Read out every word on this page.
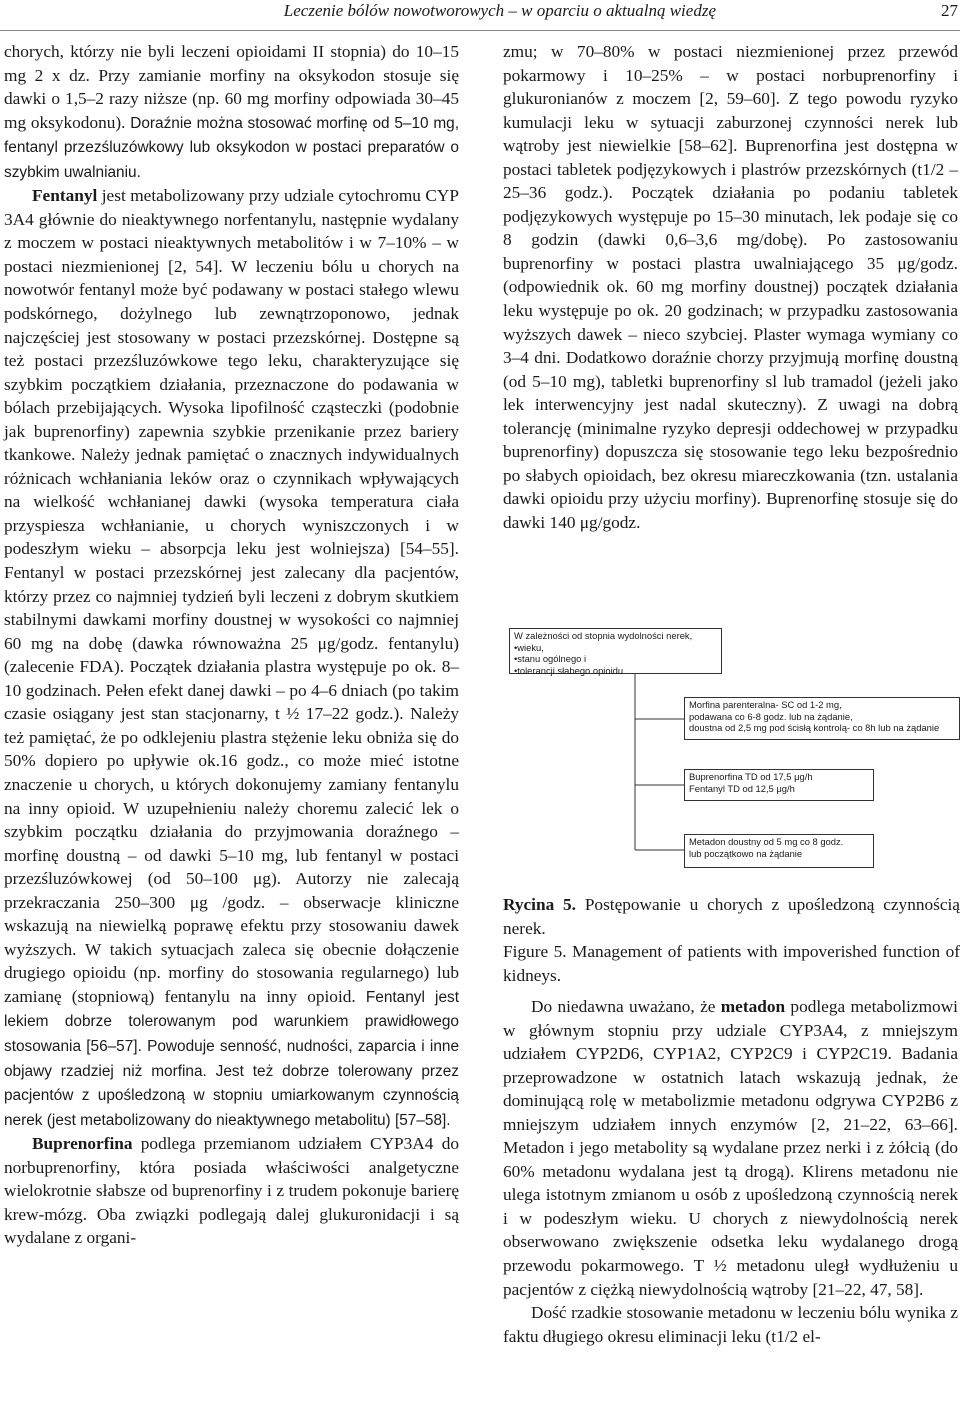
Leczenie bólów nowotworowych – w oparciu o aktualną wiedzę	27

chorych, którzy nie byli leczeni opioidami II stopnia) do 10–15 mg 2 x dz. Przy zamianie morfiny na oksykodon stosuje się dawki o 1,5–2 razy niższe (np. 60 mg morfiny odpowiada 30–45 mg oksykodonu). Doraźnie można stosować morfinę od 5–10 mg, fentanyl przezśluzówkowy lub oksykodon w postaci preparatów o szybkim uwalnianiu.

Fentanyl jest metabolizowany przy udziale cytochromu CYP 3A4 głównie do nieaktywnego norfentanylu, następnie wydalany z moczem w postaci nieaktywnych metabolitów i w 7–10% – w postaci niezmienionej [2, 54]. W leczeniu bólu u chorych na nowotwór fentanyl może być podawany w postaci stałego wlewu podskórnego, dożylnego lub zewnątrzoponowo, jednak najczęściej jest stosowany w postaci przezskórnej. Dostępne są też postaci przezśluzówkowe tego leku, charakteryzujące się szybkim początkiem działania, przeznaczone do podawania w bólach przebijających. Wysoka lipofilność cząsteczki (podobnie jak buprenorfiny) zapewnia szybkie przenikanie przez bariery tkankowe. Należy jednak pamiętać o znacznych indywidualnych różnicach wchłaniania leków oraz o czynnikach wpływających na wielkość wchłanianej dawki (wysoka temperatura ciała przyspiesza wchłanianie, u chorych wyniszczonych i w podeszłym wieku – absorpcja leku jest wolniejsza) [54–55]. Fentanyl w postaci przezskórnej jest zalecany dla pacjentów, którzy przez co najmniej tydzień byli leczeni z dobrym skutkiem stabilnymi dawkami morfiny doustnej w wysokości co najmniej 60 mg na dobę (dawka równoważna 25 μg/godz. fentanylu) (zalecenie FDA). Początek działania plastra występuje po ok. 8–10 godzinach. Pełen efekt danej dawki – po 4–6 dniach (po takim czasie osiągany jest stan stacjonarny, t ½ 17–22 godz.). Należy też pamiętać, że po odklejeniu plastra stężenie leku obniża się do 50% dopiero po upływie ok.16 godz., co może mieć istotne znaczenie u chorych, u których dokonujemy zamiany fentanylu na inny opioid. W uzupełnieniu należy choremu zalecić lek o szybkim początku działania do przyjmowania doraźnego – morfinę doustną – od dawki 5–10 mg, lub fentanyl w postaci przezśluzówkowej (od 50–100 μg). Autorzy nie zalecają przekraczania 250–300 μg /godz. – obserwacje kliniczne wskazują na niewielką poprawę efektu przy stosowaniu dawek wyższych. W takich sytuacjach zaleca się obecnie dołączenie drugiego opioidu (np. morfiny do stosowania regularnego) lub zamianę (stopniową) fentanylu na inny opioid. Fentanyl jest lekiem dobrze tolerowanym pod warunkiem prawidłowego stosowania [56–57]. Powoduje senność, nudności, zaparcia i inne objawy rzadziej niż morfina. Jest też dobrze tolerowany przez pacjentów z upośledzoną w stopniu umiarkowanym czynnością nerek (jest metabolizowany do nieaktywnego metabolitu) [57–58].

Buprenorfina podlega przemianom udziałem CYP3A4 do norbuprenorfiny, która posiada właściwości analgetyczne wielokrotnie słabsze od buprenorfiny i z trudem pokonuje barierę krew-mózg. Oba związki podlegają dalej glukuronidacji i są wydalane z organi-

zmu; w 70–80% w postaci niezmienionej przez przewód pokarmowy i 10–25% – w postaci norbuprenorfiny i glukuronianów z moczem [2, 59–60]. Z tego powodu ryzyko kumulacji leku w sytuacji zaburzonej czynności nerek lub wątroby jest niewielkie [58–62]. Buprenorfina jest dostępna w postaci tabletek podjęzykowych i plastrów przezskórnych (t1/2 – 25–36 godz.). Początek działania po podaniu tabletek podjęzykowych występuje po 15–30 minutach, lek podaje się co 8 godzin (dawki 0,6–3,6 mg/dobę). Po zastosowaniu buprenorfiny w postaci plastra uwalniającego 35 μg/godz. (odpowiednik ok. 60 mg morfiny doustnej) początek działania leku występuje po ok. 20 godzinach; w przypadku zastosowania wyższych dawek – nieco szybciej. Plaster wymaga wymiany co 3–4 dni. Dodatkowo doraźnie chorzy przyjmują morfinę doustną (od 5–10 mg), tabletki buprenorfiny sl lub tramadol (jeżeli jako lek interwencyjny jest nadal skuteczny). Z uwagi na dobrą tolerancję (minimalne ryzyko depresji oddechowej w przypadku buprenorfiny) dopuszcza się stosowanie tego leku bezpośrednio po słabych opioidach, bez okresu miareczkowania (tzn. ustalania dawki opioidu przy użyciu morfiny). Buprenorfinę stosuje się do dawki 140 μg/godz.

W zależności od stopnia wydolności nerek,
•wieku,
•stanu ogólnego i
•tolerancji słabego opioidu
Morfina parenteralna- SC od 1-2 mg,
podawana co 6-8 godz. lub na żądanie,
doustna od 2,5 mg pod ścisłą kontrolą- co 8h lub na żądanie
Buprenorfina TD od 17,5 μg/h
Fentanyl TD od 12,5 μg/h
Metadon doustny od 5 mg co 8 godz.
lub początkowo na żądanie

Rycina 5. Postępowanie u chorych z upośledzoną czynnością nerek.

Figure 5. Management of patients with impoverished function of kidneys.

Do niedawna uważano, że metadon podlega metabolizmowi w głównym stopniu przy udziale CYP3A4, z mniejszym udziałem CYP2D6, CYP1A2, CYP2C9 i CYP2C19. Badania przeprowadzone w ostatnich latach wskazują jednak, że dominującą rolę w metabolizmie metadonu odgrywa CYP2B6 z mniejszym udziałem innych enzymów [2, 21–22, 63–66]. Metadon i jego metabolity są wydalane przez nerki i z żółcią (do 60% metadonu wydalana jest tą drogą). Klirens metadonu nie ulega istotnym zmianom u osób z upośledzoną czynnością nerek i w podeszłym wieku. U chorych z niewydolnością nerek obserwowano zwiększenie odsetka leku wydalanego drogą przewodu pokarmowego. T ½ metadonu uległ wydłużeniu u pacjentów z ciężką niewydolnością wątroby [21–22, 47, 58].

Dość rzadkie stosowanie metadonu w leczeniu bólu wynika z faktu długiego okresu eliminacji leku (t1/2 el-
